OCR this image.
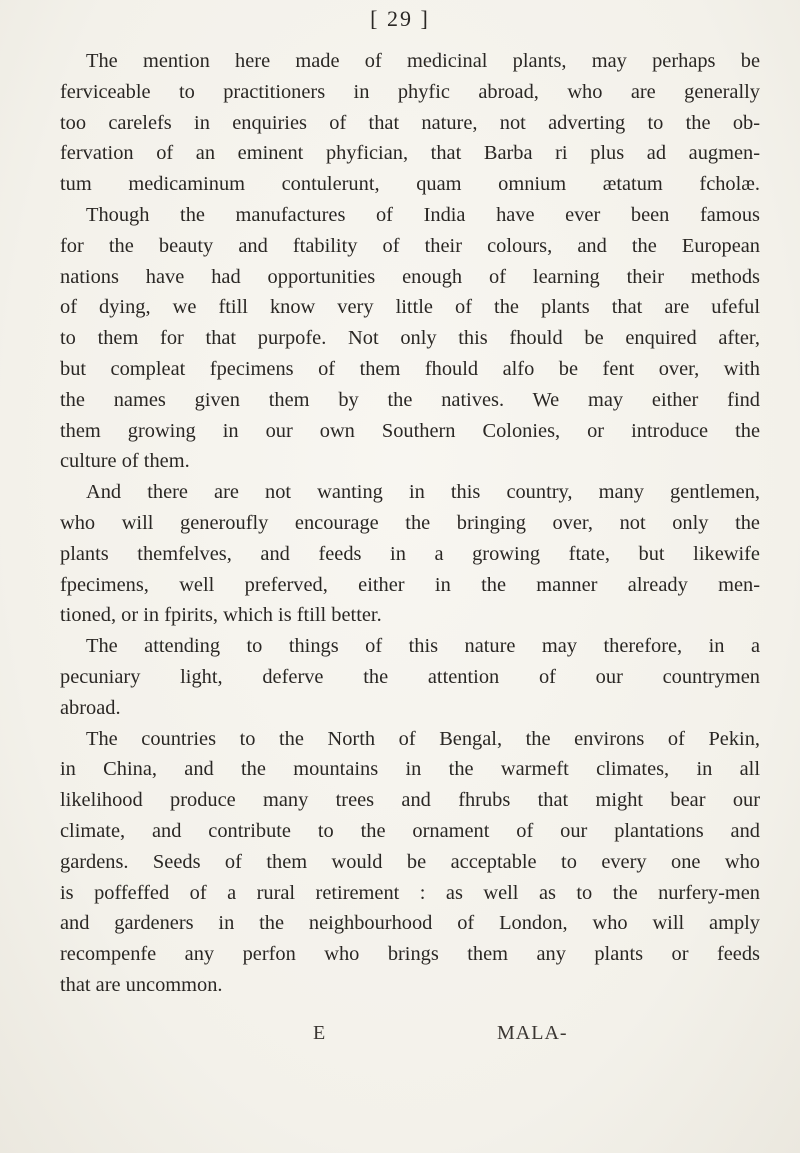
[ 29 ]
The mention here made of medicinal plants, may perhaps be
ferviceable to practitioners in phyfic abroad, who are generally
too carelefs in enquiries of that nature, not adverting to the ob-
fervation of an eminent phyfician, that Barba ri plus ad augmen-
tum medicaminum contulerunt, quam omnium ætatum fcholæ.
Though the manufactures of India have ever been famous
for the beauty and ftability of their colours, and the European
nations have had opportunities enough of learning their methods
of dying, we ftill know very little of the plants that are ufeful
to them for that purpofe. Not only this fhould be enquired after,
but compleat fpecimens of them fhould alfo be fent over, with
the names given them by the natives. We may either find
them growing in our own Southern Colonies, or introduce the
culture of them.
And there are not wanting in this country, many gentlemen,
who will generoufly encourage the bringing over, not only the
plants themfelves, and feeds in a growing ftate, but likewife
fpecimens, well preferved, either in the manner already men-
tioned, or in fpirits, which is ftill better.
The attending to things of this nature may therefore, in a
pecuniary light, deferve the attention of our countrymen
abroad.
The countries to the North of Bengal, the environs of Pekin,
in China, and the mountains in the warmeft climates, in all
likelihood produce many trees and fhrubs that might bear our
climate, and contribute to the ornament of our plantations and
gardens. Seeds of them would be acceptable to every one who
is poffeffed of a rural retirement : as well as to the nurfery-men
and gardeners in the neighbourhood of London, who will amply
recompenfe any perfon who brings them any plants or feeds
that are uncommon.
E	MALA-
